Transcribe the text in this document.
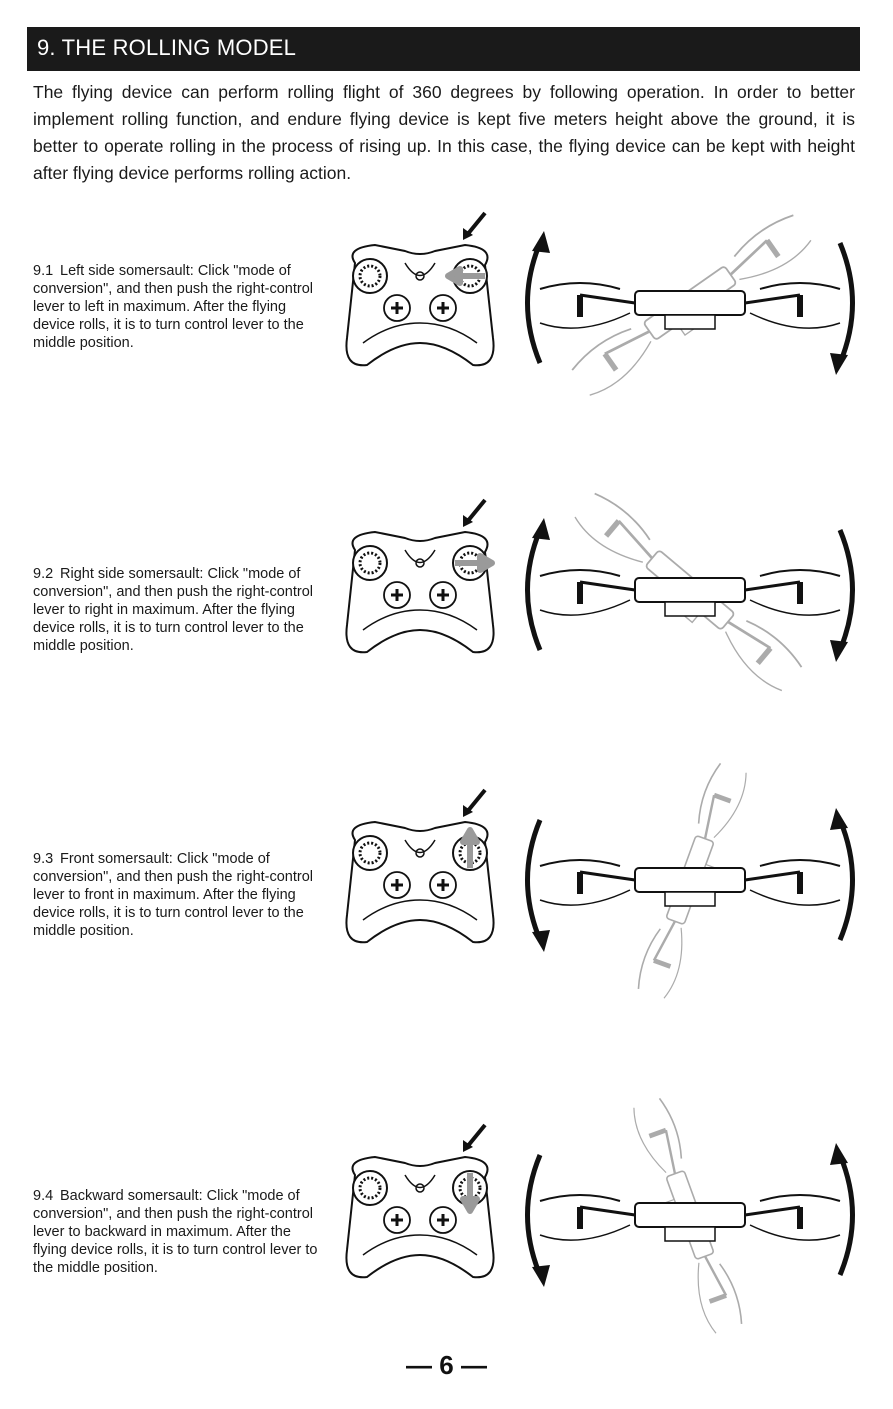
9. THE ROLLING MODEL
The flying device can perform rolling flight of 360 degrees by following operation. In order to better implement rolling function, and endure flying device is kept five meters height above the ground, it is better to operate rolling in the process of rising up. In this case, the flying device can be kept with height after flying device performs rolling action.
9.1 Left side somersault: Click "mode of conversion", and then push the right-control lever to left in maximum. After the flying device rolls, it is to turn control lever to the middle position.
9.2 Right side somersault: Click "mode of conversion", and then push the right-control lever to right in maximum. After the flying device rolls, it is to turn control lever to the middle position.
9.3 Front somersault: Click "mode of conversion", and then push the right-control lever to front in maximum. After the flying device rolls, it is to turn control lever to the middle position.
9.4 Backward somersault: Click "mode of conversion", and then push the right-control lever to backward in maximum. After the flying device rolls, it is to turn control lever to the middle position.
— 6 —
